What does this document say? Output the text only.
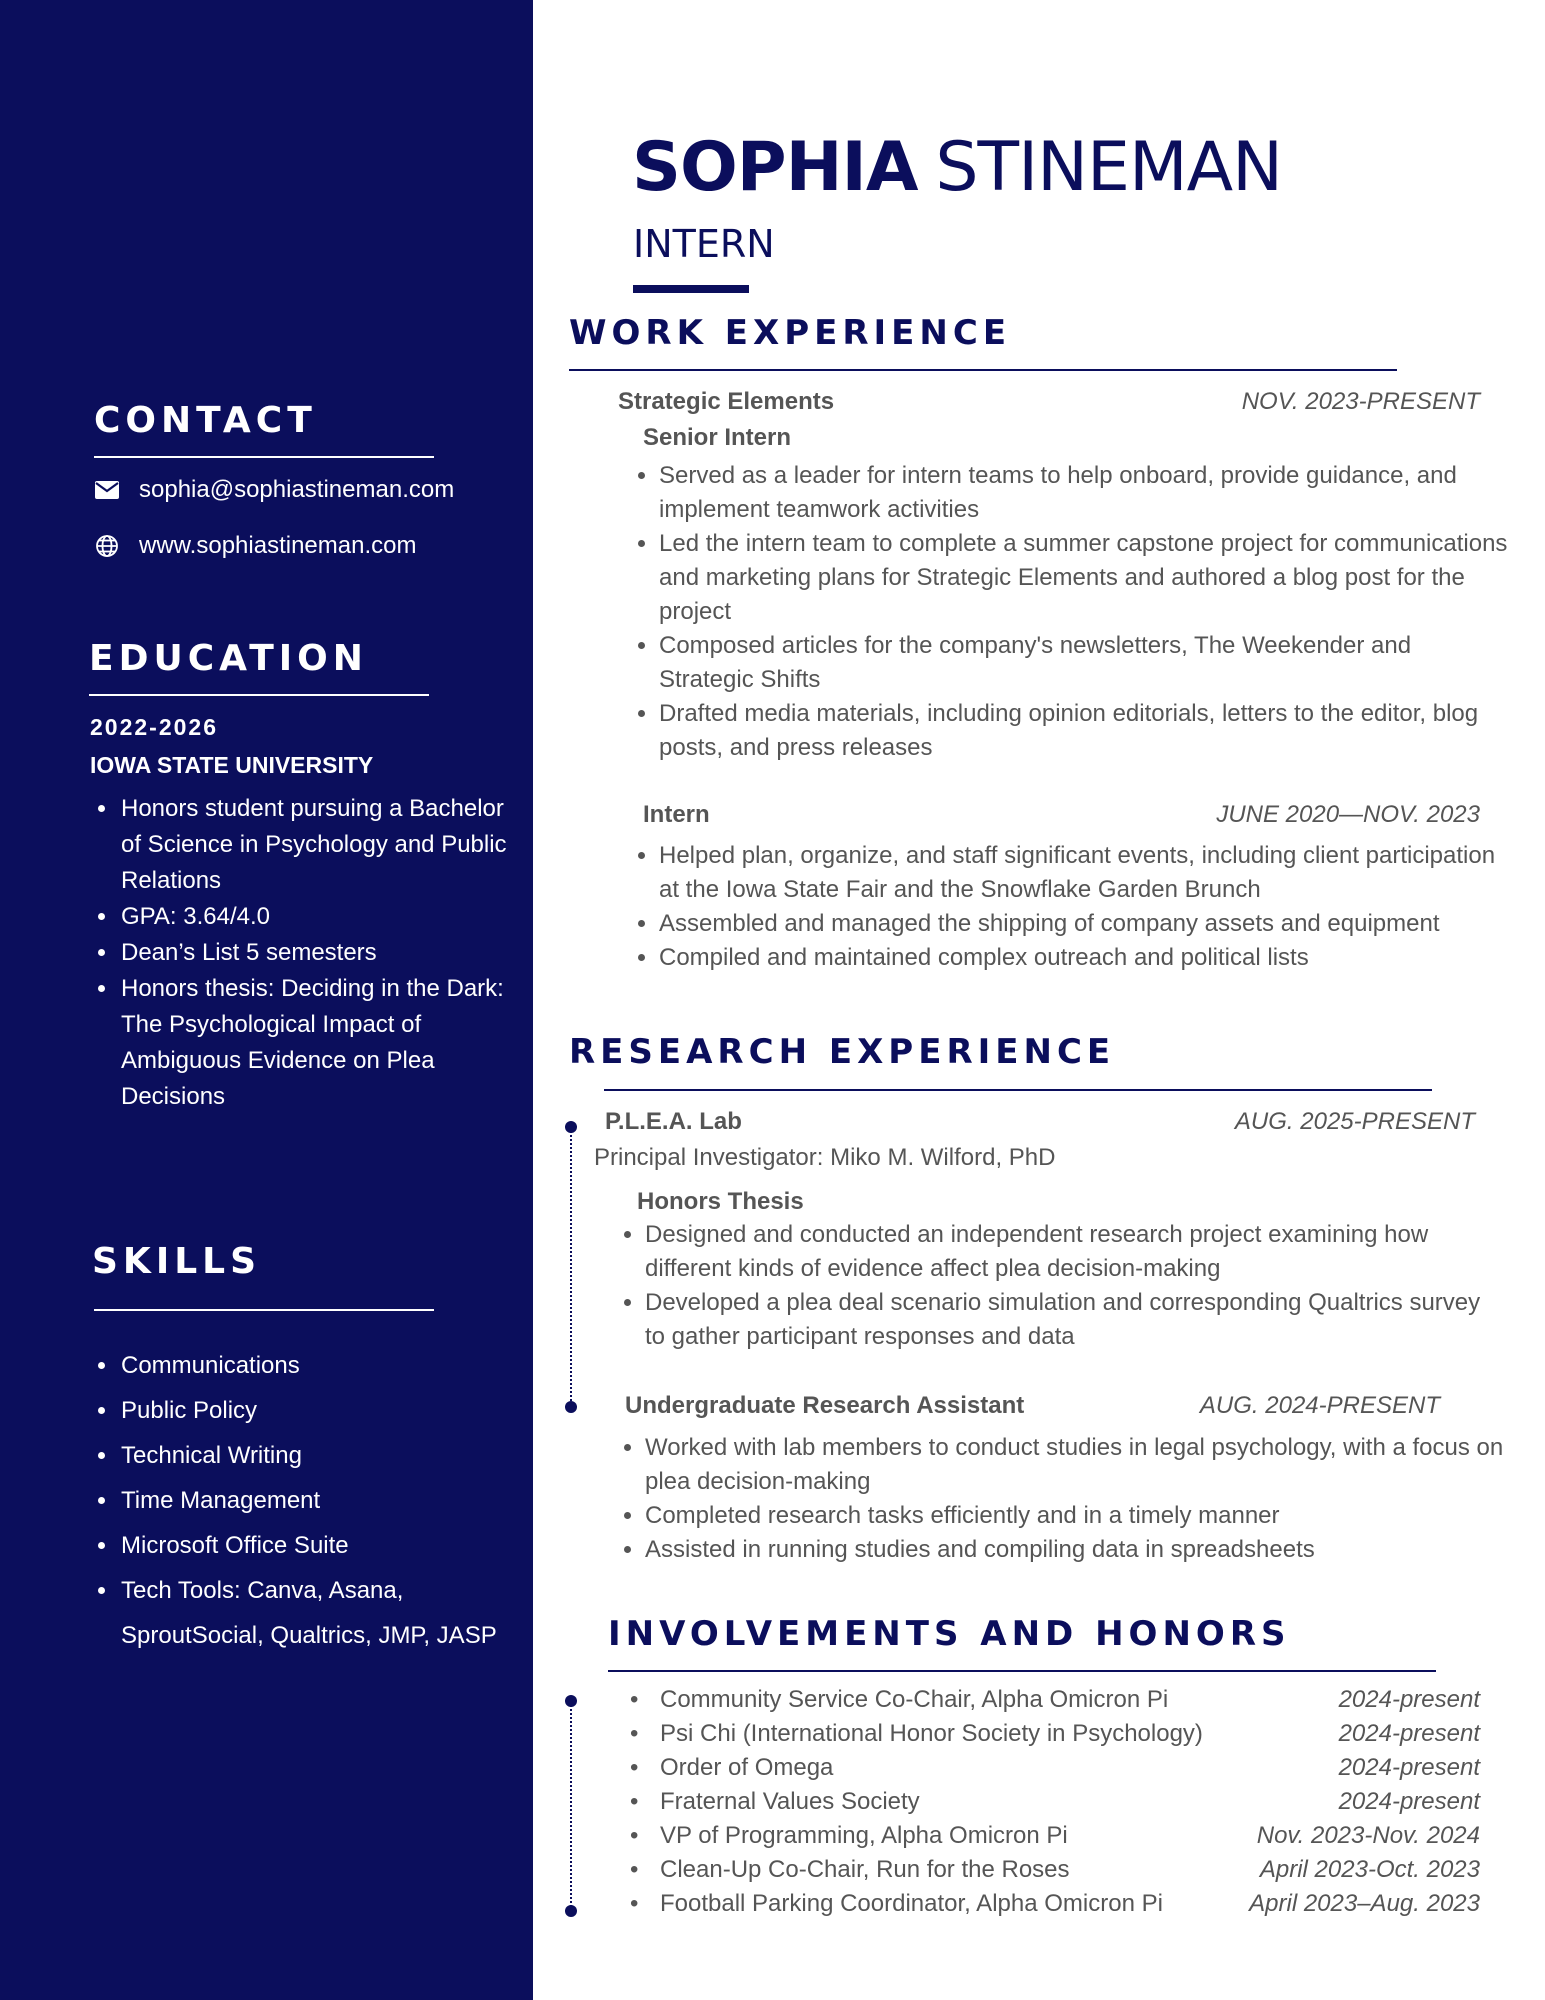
CONTACT
sophia@sophiastineman.com
www.sophiastineman.com
EDUCATION
2022-2026
IOWA STATE UNIVERSITY
• Honors student pursuing a Bachelor of Science in Psychology and Public Relations
• GPA: 3.64/4.0
• Dean’s List 5 semesters
• Honors thesis: Deciding in the Dark: The Psychological Impact of Ambiguous Evidence on Plea Decisions
SKILLS
• Communications
• Public Policy
• Technical Writing
• Time Management
• Microsoft Office Suite
• Tech Tools: Canva, Asana, SproutSocial, Qualtrics, JMP, JASP
SOPHIA STINEMAN
INTERN
WORK EXPERIENCE
Strategic Elements	NOV. 2023-PRESENT
Senior Intern
• Served as a leader for intern teams to help onboard, provide guidance, and implement teamwork activities
• Led the intern team to complete a summer capstone project for communications and marketing plans for Strategic Elements and authored a blog post for the project
• Composed articles for the company's newsletters, The Weekender and Strategic Shifts
• Drafted media materials, including opinion editorials, letters to the editor, blog posts, and press releases
Intern	JUNE 2020—NOV. 2023
• Helped plan, organize, and staff significant events, including client participation at the Iowa State Fair and the Snowflake Garden Brunch
• Assembled and managed the shipping of company assets and equipment
• Compiled and maintained complex outreach and political lists
RESEARCH EXPERIENCE
P.L.E.A. Lab	AUG. 2025-PRESENT
Principal Investigator: Miko M. Wilford, PhD
Honors Thesis
• Designed and conducted an independent research project examining how different kinds of evidence affect plea decision-making
• Developed a plea deal scenario simulation and corresponding Qualtrics survey to gather participant responses and data
Undergraduate Research Assistant	AUG. 2024-PRESENT
• Worked with lab members to conduct studies in legal psychology, with a focus on plea decision-making
• Completed research tasks efficiently and in a timely manner
• Assisted in running studies and compiling data in spreadsheets
INVOLVEMENTS AND HONORS
• Community Service Co-Chair, Alpha Omicron Pi	2024-present
• Psi Chi (International Honor Society in Psychology)	2024-present
• Order of Omega	2024-present
• Fraternal Values Society	2024-present
• VP of Programming, Alpha Omicron Pi	Nov. 2023-Nov. 2024
• Clean-Up Co-Chair, Run for the Roses	April 2023-Oct. 2023
• Football Parking Coordinator, Alpha Omicron Pi	April 2023–Aug. 2023
